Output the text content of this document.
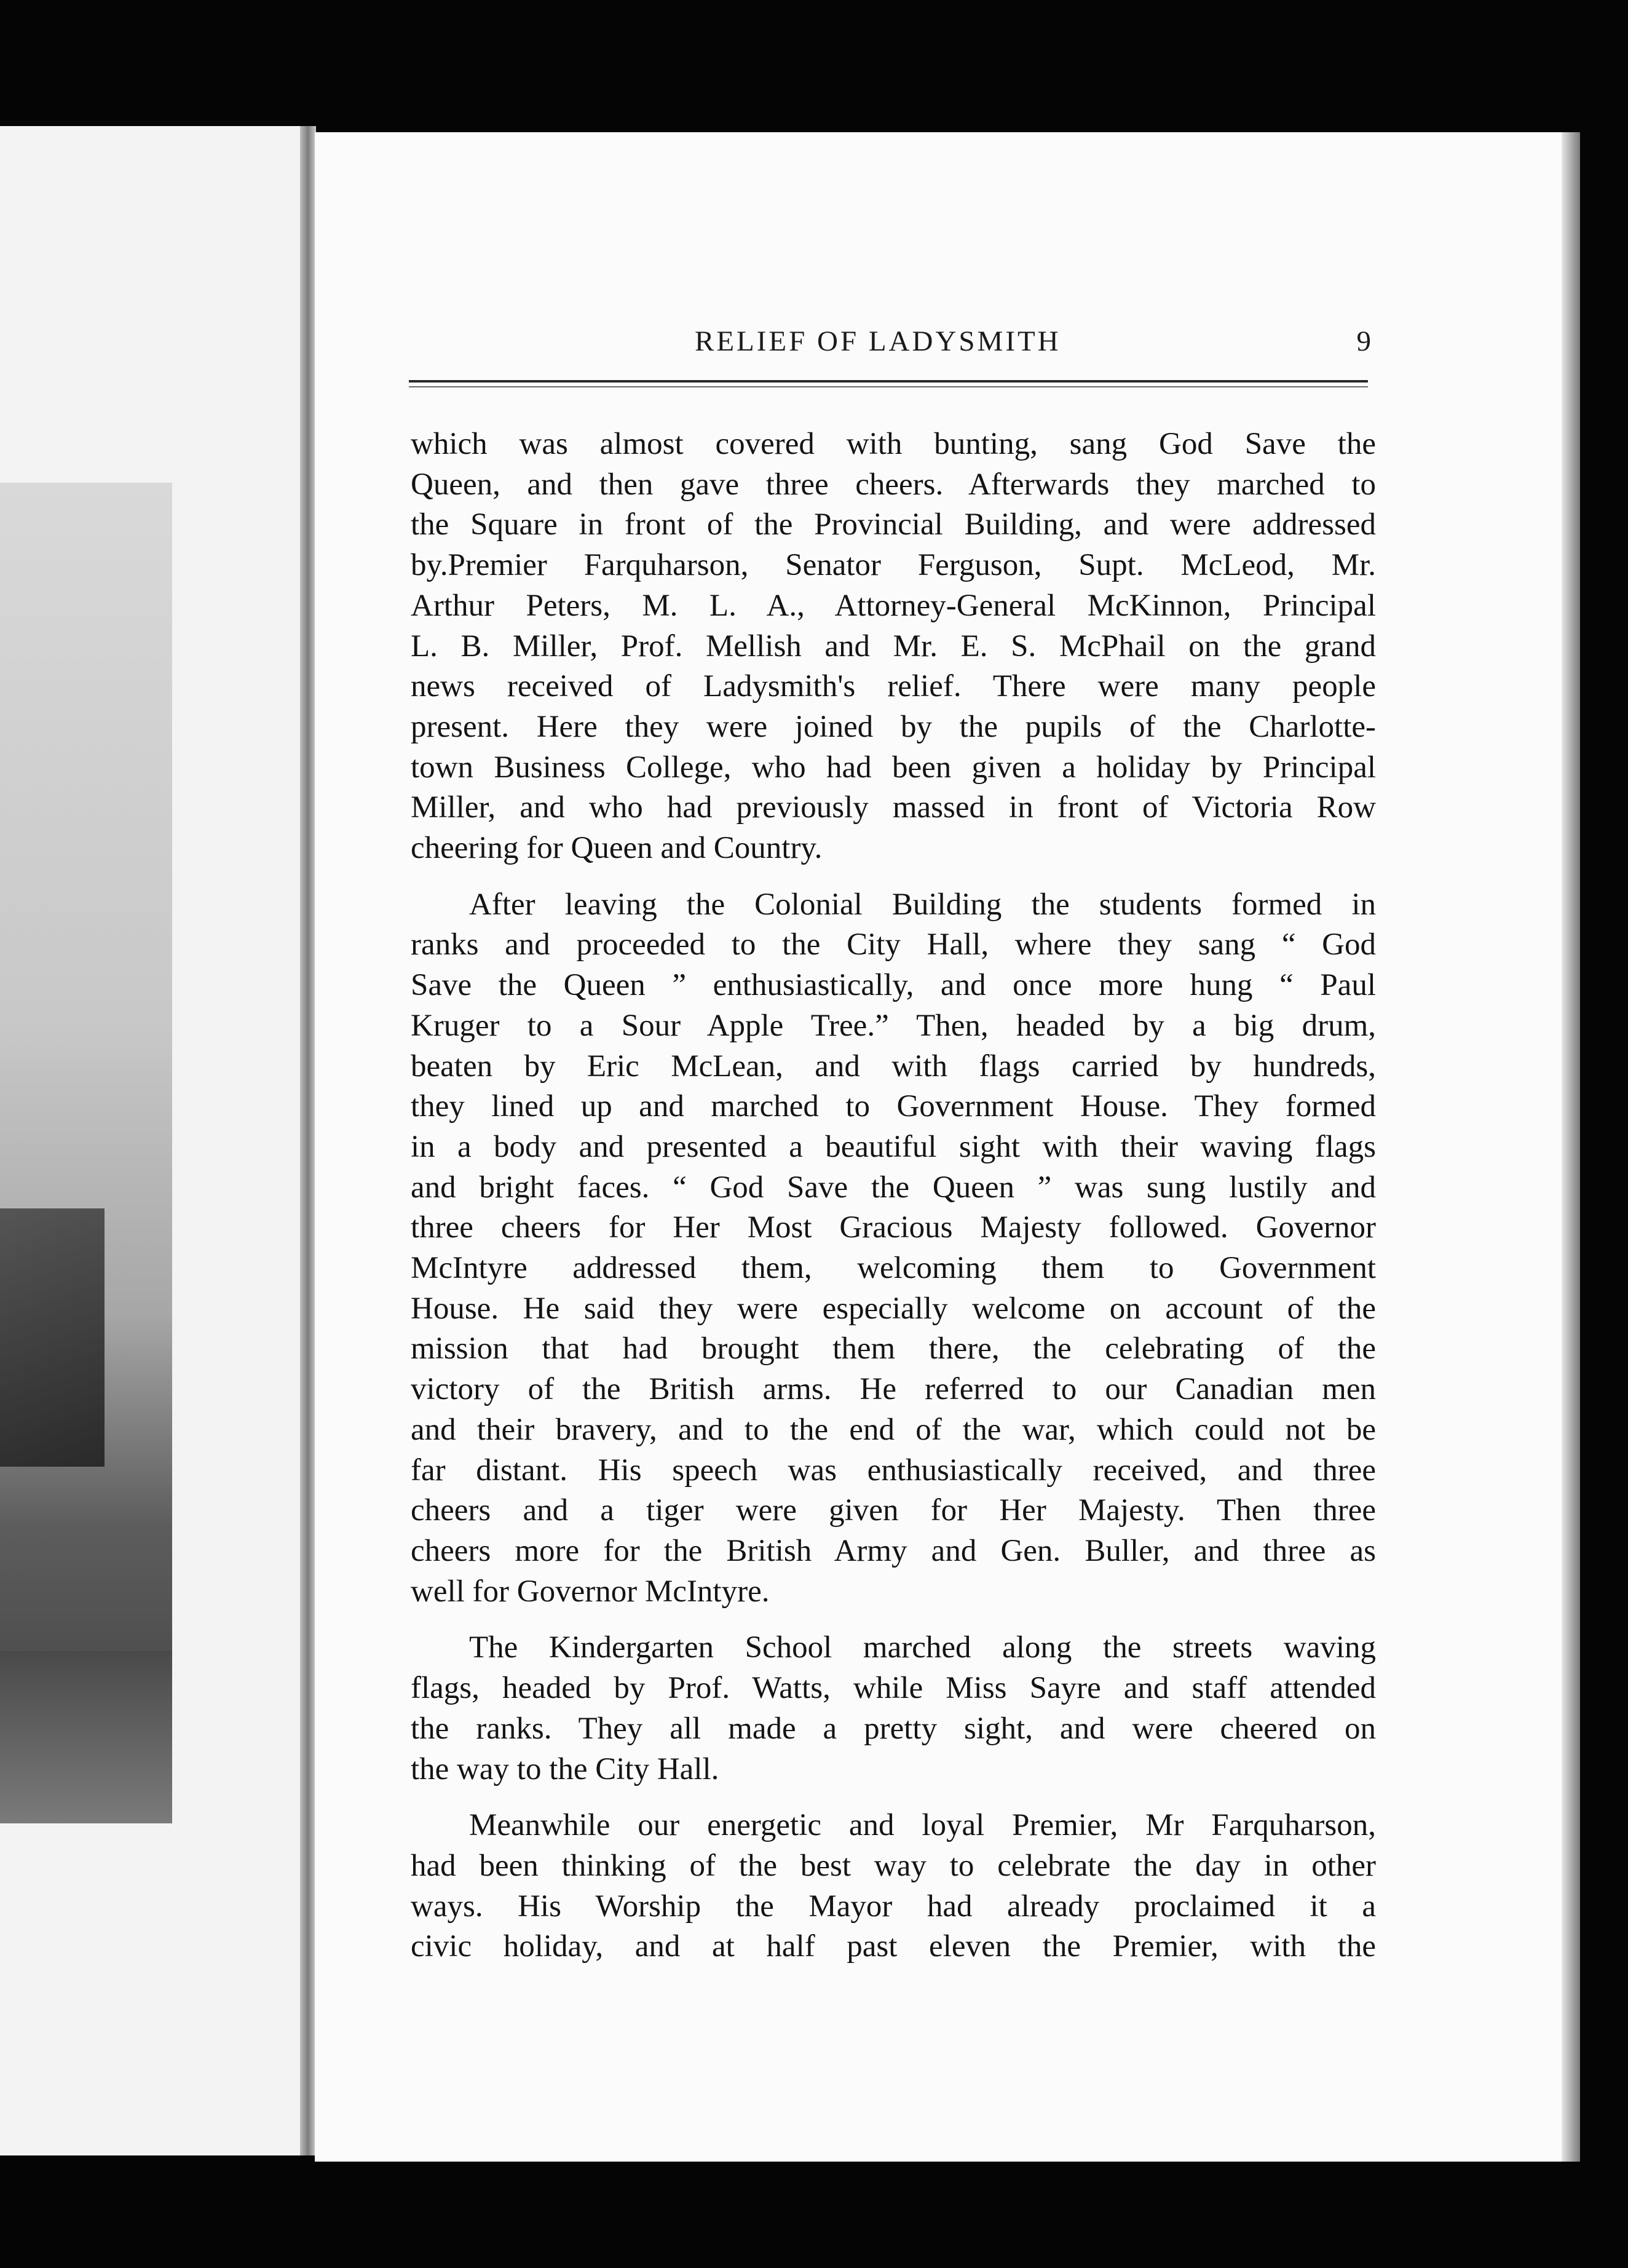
RELIEF OF LADYSMITH	9
which was almost covered with bunting, sang God Save the
Queen, and then gave three cheers. Afterwards they marched to
the Square in front of the Provincial Building, and were addressed
by.Premier Farquharson, Senator Ferguson, Supt. McLeod, Mr.
Arthur Peters, M. L. A., Attorney-General McKinnon, Principal
L. B. Miller, Prof. Mellish and Mr. E. S. McPhail on the grand
news received of Ladysmith's relief. There were many people
present. Here they were joined by the pupils of the Charlotte-
town Business College, who had been given a holiday by Principal
Miller, and who had previously massed in front of Victoria Row
cheering for Queen and Country.
After leaving the Colonial Building the students formed in
ranks and proceeded to the City Hall, where they sang “ God
Save the Queen ” enthusiastically, and once more hung “ Paul
Kruger to a Sour Apple Tree.” Then, headed by a big drum,
beaten by Eric McLean, and with flags carried by hundreds,
they lined up and marched to Government House. They formed
in a body and presented a beautiful sight with their waving flags
and bright faces. “ God Save the Queen ” was sung lustily and
three cheers for Her Most Gracious Majesty followed. Governor
McIntyre addressed them, welcoming them to Government
House. He said they were especially welcome on account of the
mission that had brought them there, the celebrating of the
victory of the British arms. He referred to our Canadian men
and their bravery, and to the end of the war, which could not be
far distant. His speech was enthusiastically received, and three
cheers and a tiger were given for Her Majesty. Then three
cheers more for the British Army and Gen. Buller, and three as
well for Governor McIntyre.
The Kindergarten School marched along the streets waving
flags, headed by Prof. Watts, while Miss Sayre and staff attended
the ranks. They all made a pretty sight, and were cheered on
the way to the City Hall.
Meanwhile our energetic and loyal Premier, Mr Farquharson,
had been thinking of the best way to celebrate the day in other
ways. His Worship the Mayor had already proclaimed it a
civic holiday, and at half past eleven the Premier, with the
